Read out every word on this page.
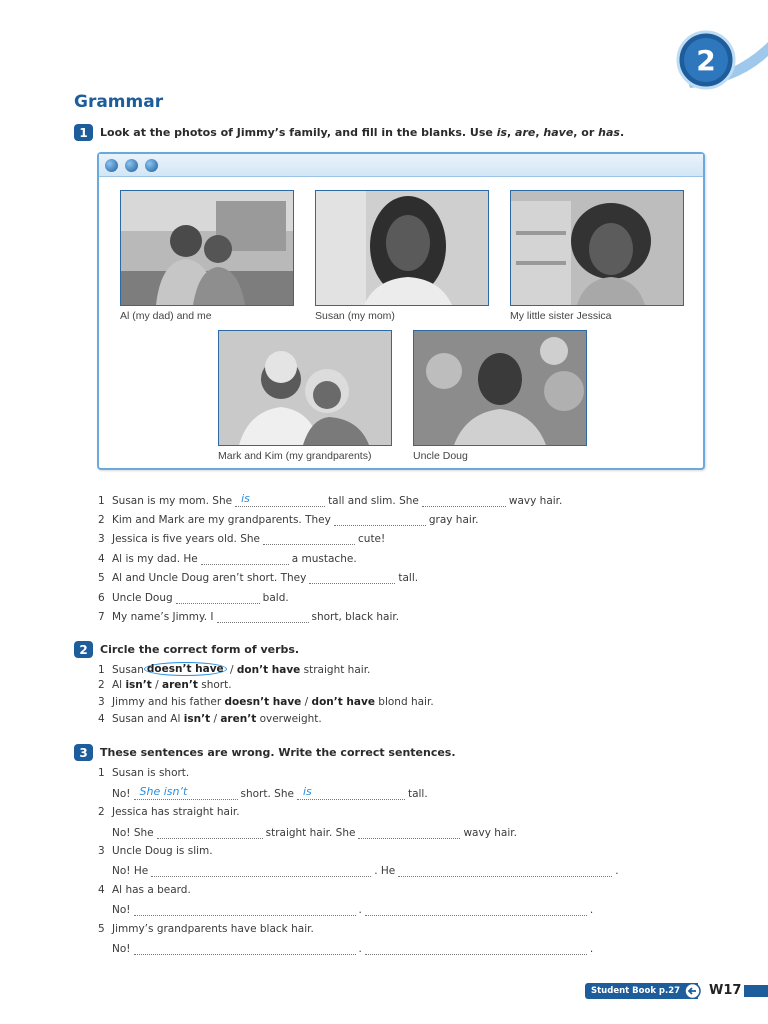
2
Grammar
1	Look at the photos of Jimmy’s family, and fill in the blanks. Use is, are, have, or has.
Al (my dad) and me	Susan (my mom)	My little sister Jessica
Mark and Kim (my grandparents)	Uncle Doug
1 Susan is my mom. She is	tall and slim. She	wavy hair.
2 Kim and Mark are my grandparents. They	gray hair.
3 Jessica is five years old. She	cute!
4 Al is my dad. He	a mustache.
5 Al and Uncle Doug aren’t short. They	tall.
6 Uncle Doug	bald.
7 My name’s Jimmy. I	short, black hair.
2	Circle the correct form of verbs.
1 Susan doesn’t have
/
don’t have
straight hair.
2 Al
isn’t
/
aren’t
short.
3 Jimmy and his father
doesn’t have
/
don’t have
blond hair.
4 Susan and Al
isn’t
/
aren’t
overweight.
3	These sentences are wrong. Write the correct sentences.
1 Susan is short.
No! She isn’t	short. She is	tall.
2 Jessica has straight hair.
No! She	straight hair. She	wavy hair.
3 Uncle Doug is slim.
No! He	. He	.
4 Al has a beard.
No!	.	.
5 Jimmy’s grandparents have black hair.
No!	.	.
Student Book p.27	W17
